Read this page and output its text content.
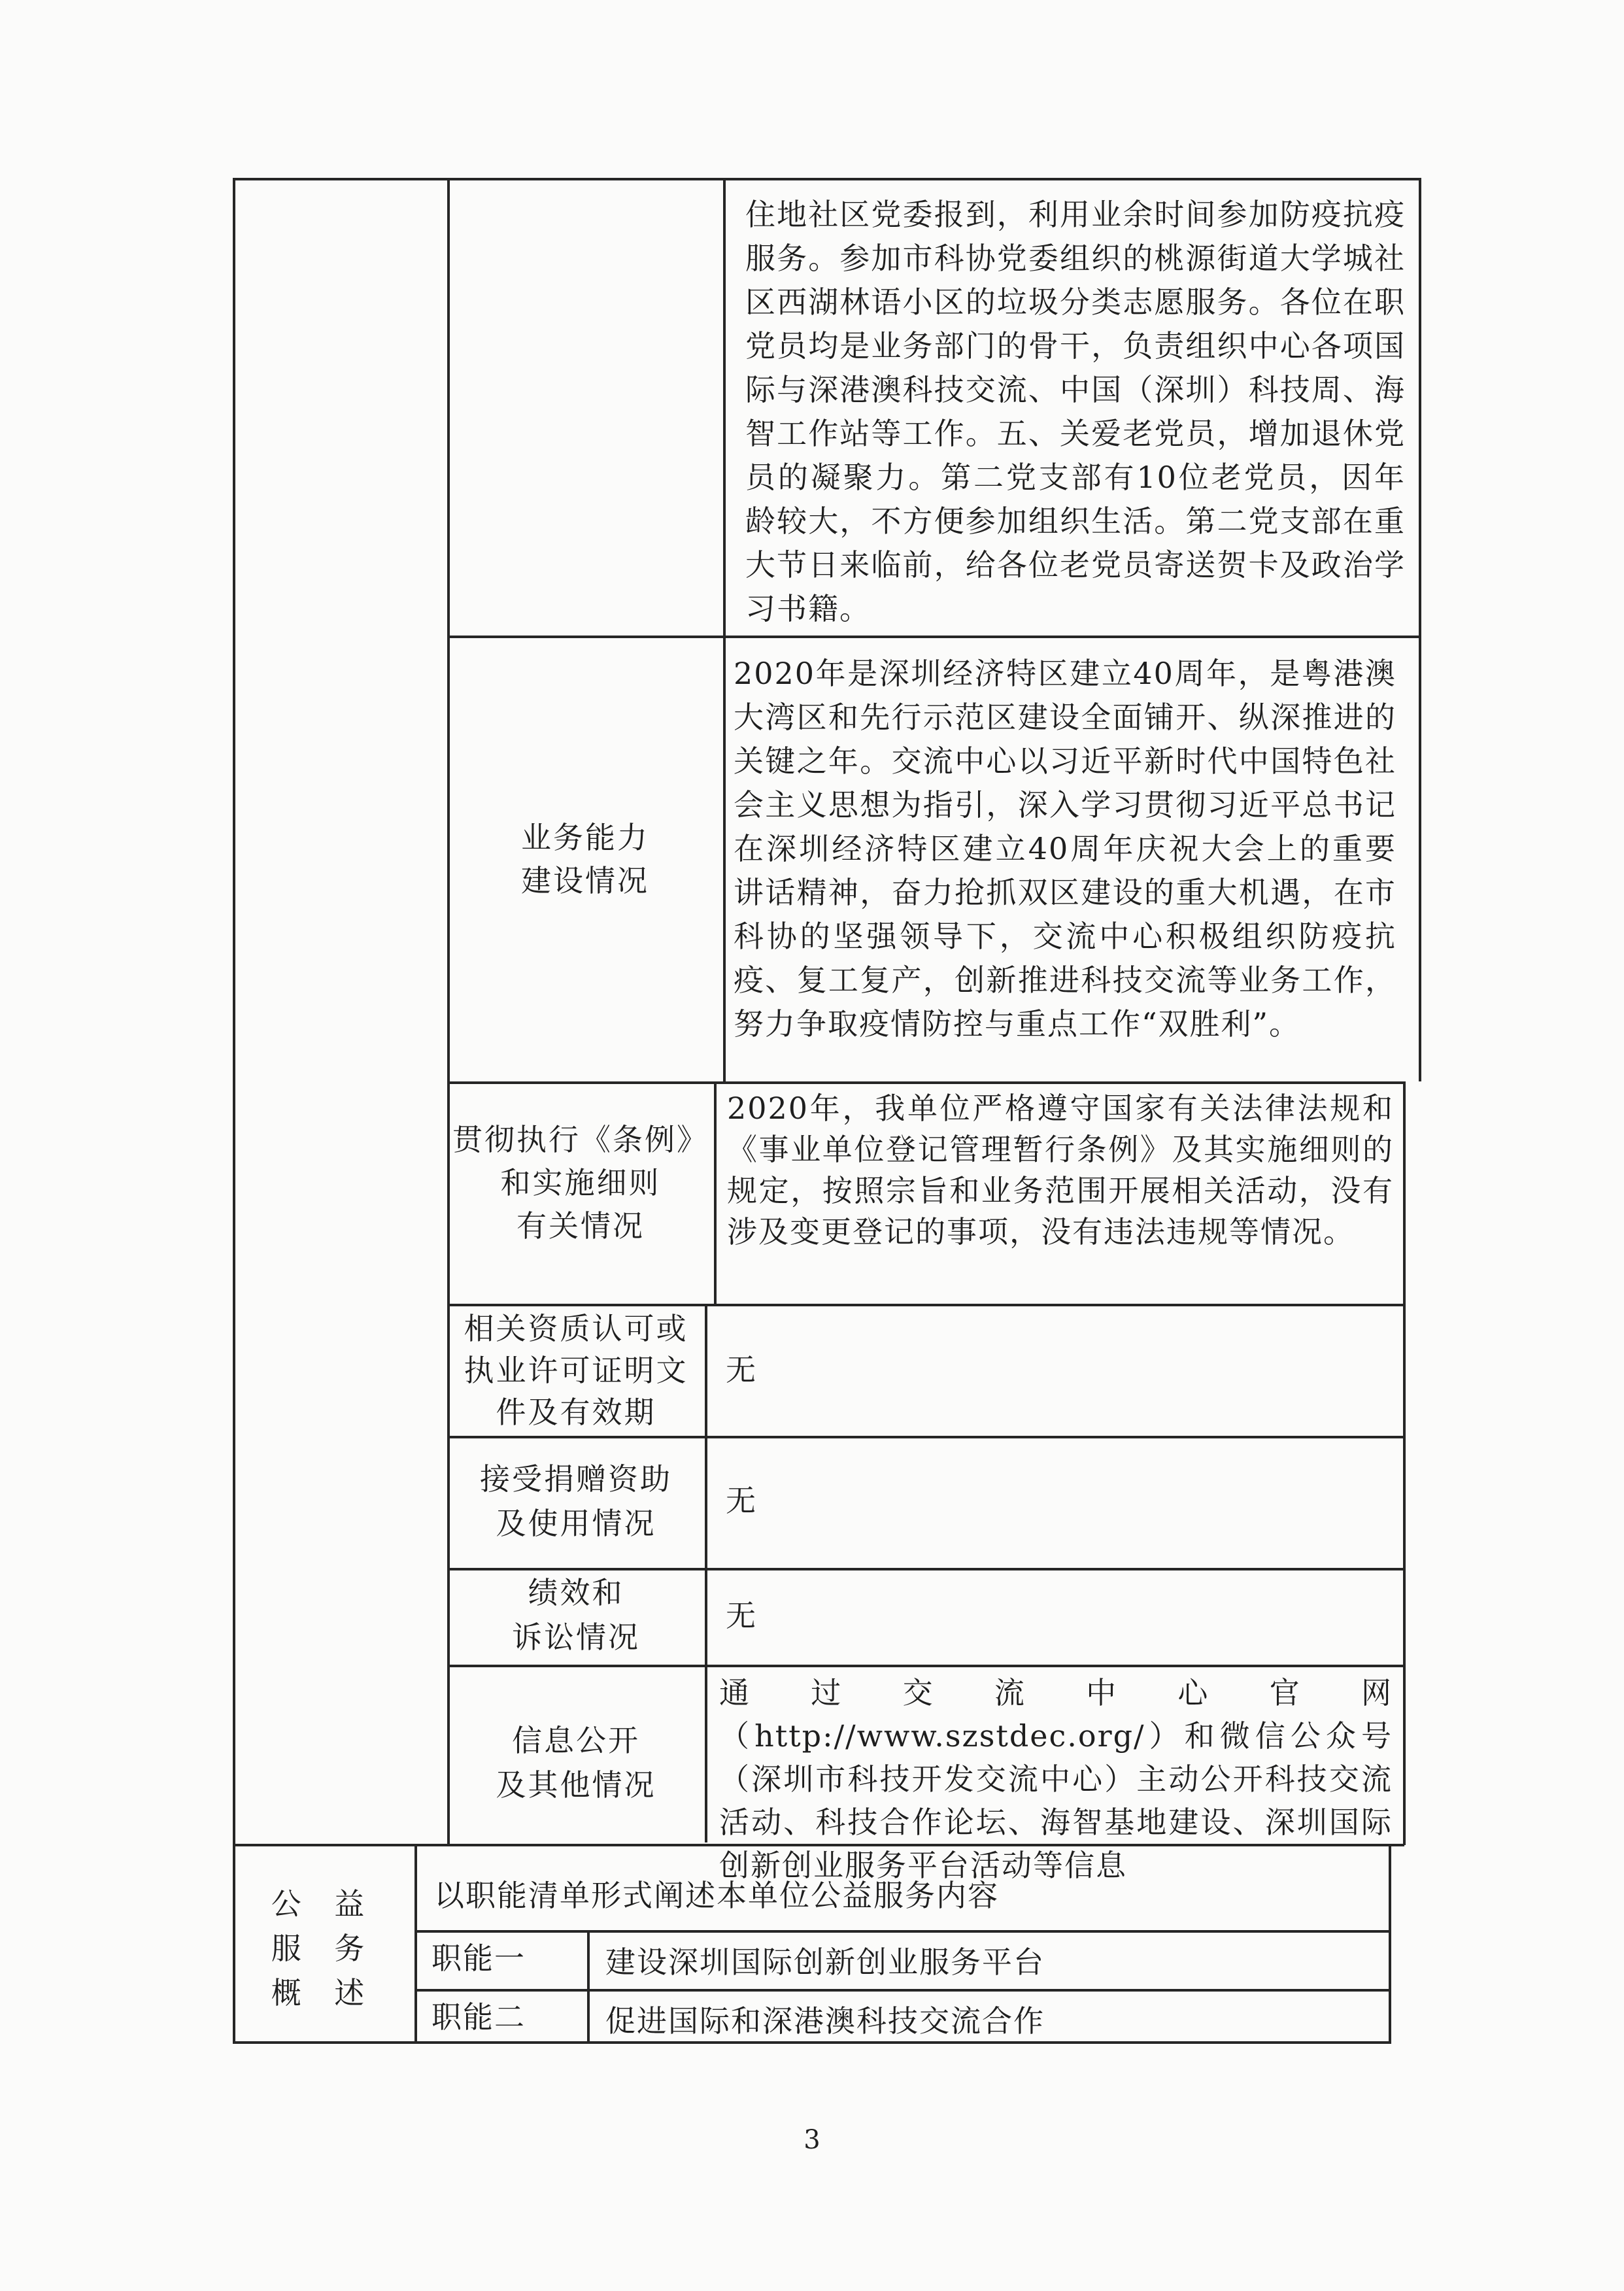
住地社区党委报到，利用业余时间参加防疫抗疫服务。参加市科协党委组织的桃源街道大学城社区西湖林语小区的垃圾分类志愿服务。各位在职党员均是业务部门的骨干，负责组织中心各项国际与深港澳科技交流、中国（深圳）科技周、海智工作站等工作。五、关爱老党员，增加退休党员的凝聚力。第二党支部有10位老党员，因年龄较大，不方便参加组织生活。第二党支部在重大节日来临前，给各位老党员寄送贺卡及政治学习书籍。
业务能力
建设情况
2020年是深圳经济特区建立40周年，是粤港澳大湾区和先行示范区建设全面铺开、纵深推进的关键之年。交流中心以习近平新时代中国特色社会主义思想为指引，深入学习贯彻习近平总书记在深圳经济特区建立40周年庆祝大会上的重要讲话精神，奋力抢抓双区建设的重大机遇，在市科协的坚强领导下，交流中心积极组织防疫抗疫、复工复产，创新推进科技交流等业务工作，努力争取疫情防控与重点工作“双胜利”。
贯彻执行《条例》
和实施细则
有关情况
2020年，我单位严格遵守国家有关法律法规和《事业单位登记管理暂行条例》及其实施细则的规定，按照宗旨和业务范围开展相关活动，没有涉及变更登记的事项，没有违法违规等情况。
相关资质认可或
执业许可证明文
件及有效期
无
接受捐赠资助
及使用情况
无
绩效和
诉讼情况
无
信息公开
及其他情况
通过交流中心官网（http://www.szstdec.org/）和微信公众号（深圳市科技开发交流中心）主动公开科技交流活动、科技合作论坛、海智基地建设、深圳国际创新创业服务平台活动等信息
公 益
服 务
概 述
以职能清单形式阐述本单位公益服务内容
职能一	建设深圳国际创新创业服务平台
职能二	促进国际和深港澳科技交流合作
3
